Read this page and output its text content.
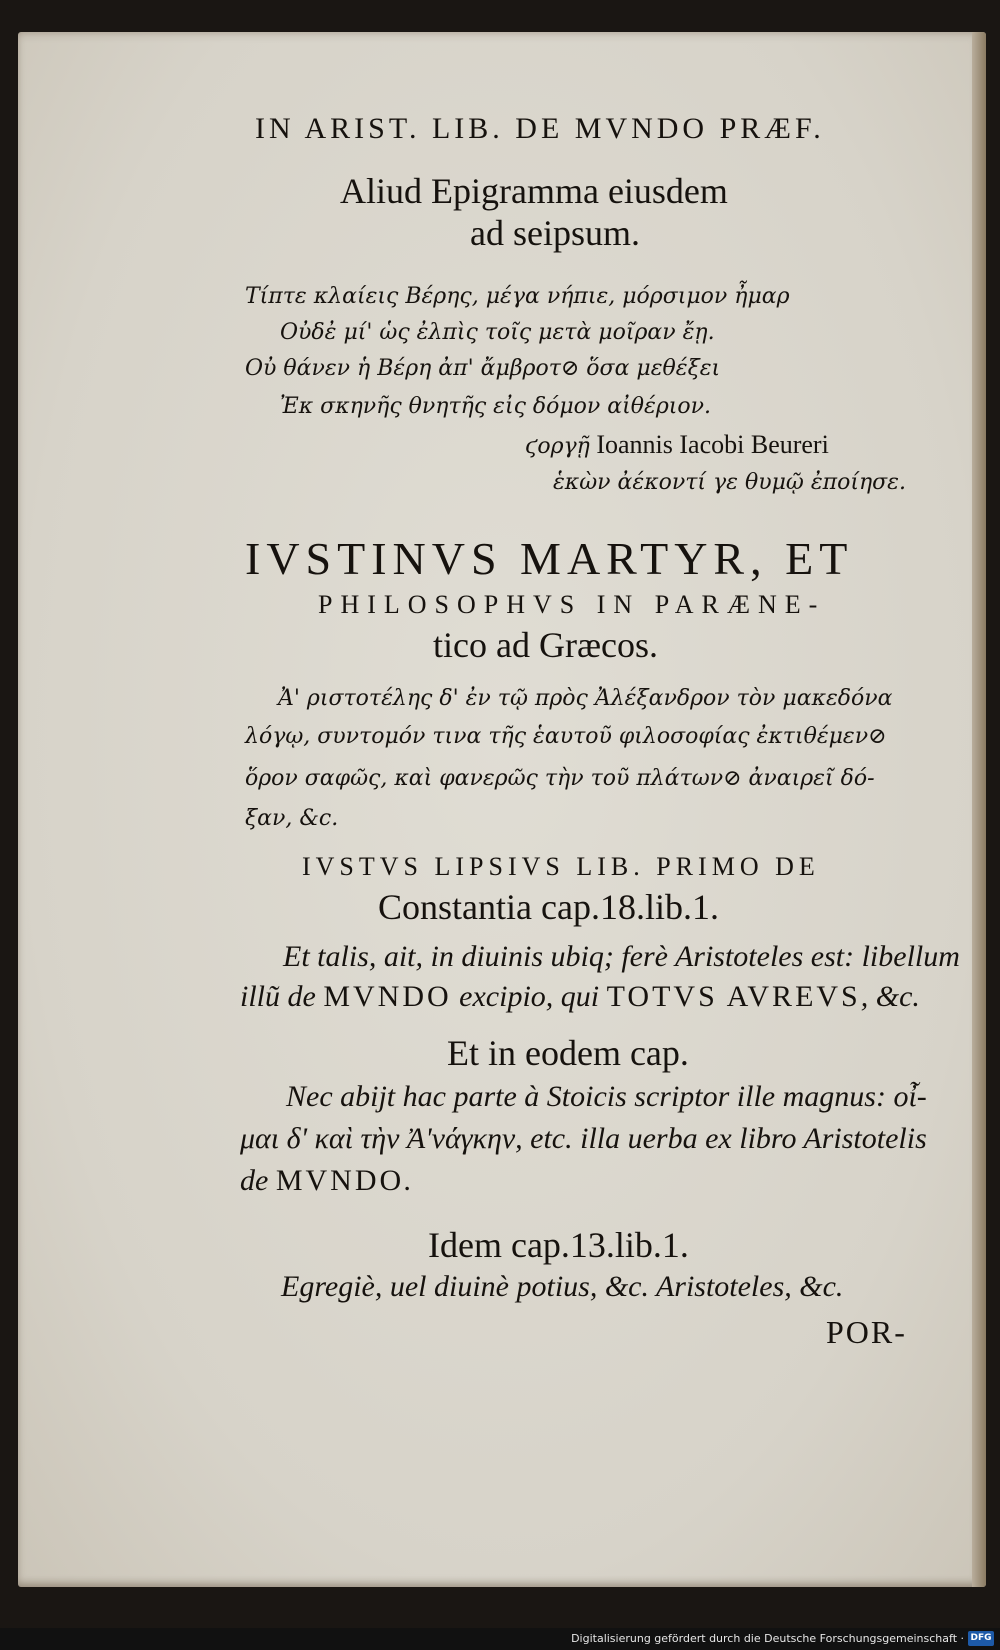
IN ARIST. LIB. DE MVNDO PRÆF.

Aliud Epigramma eiusdem

ad seipsum.

Τίπτε κλαίεις Βέρης, μέγα νήπιε, μόρσιμον ἦμαρ

Οὐδἐ μί' ὡς ἐλπὶς τοῖς μετὰ μοῖραν ἔῃ.

Οὐ θάνεν ἡ Βέρη ἀπ' ἄμβροτ⊘ ὅσα μεθέξει

Ἐκ σκηνῆς θνητῆς εἰς δόμον αἰθέριον.

ϛοργῇ Ioannis Iacobi Beureri

ἑκὼν ἀέκοντί γε θυμῷ ἐποίησε.

IVSTINVS MARTYR, ET

PHILOSOPHVS IN PARÆNE-

tico ad Græcos.

Ἀ' ριστοτέλης δ' ἐν τῷ πρὸς Ἀλέξανδρον τὸν μακεδόνα

λόγῳ, συντομόν τινα τῆς ἑαυτοῦ φιλοσοφίας ἐκτιθέμεν⊘

ὅρον σαφῶς, καὶ φανερῶς τὴν τοῦ πλάτων⊘ ἀναιρεῖ δό-

ξαν, &c.

IVSTVS LIPSIVS LIB. PRIMO DE

Constantia cap.18.lib.1.

Et talis, ait, in diuinis ubiq; ferè Aristoteles est: libellum

illũ de MVNDO excipio, qui TOTVS AVREVS, &c.

Et in eodem cap.

Nec abijt hac parte à Stoicis scriptor ille magnus: οἶ-

μαι δ' καὶ τὴν Ἀ'νάγκην, etc. illa uerba ex libro Aristotelis

de MVNDO.

Idem cap.13.lib.1.

Egregiè, uel diuinè potius, &c. Aristoteles, &c.

POR-

Digitalisierung gefördert durch die Deutsche Forschungsgemeinschaft · DFG
